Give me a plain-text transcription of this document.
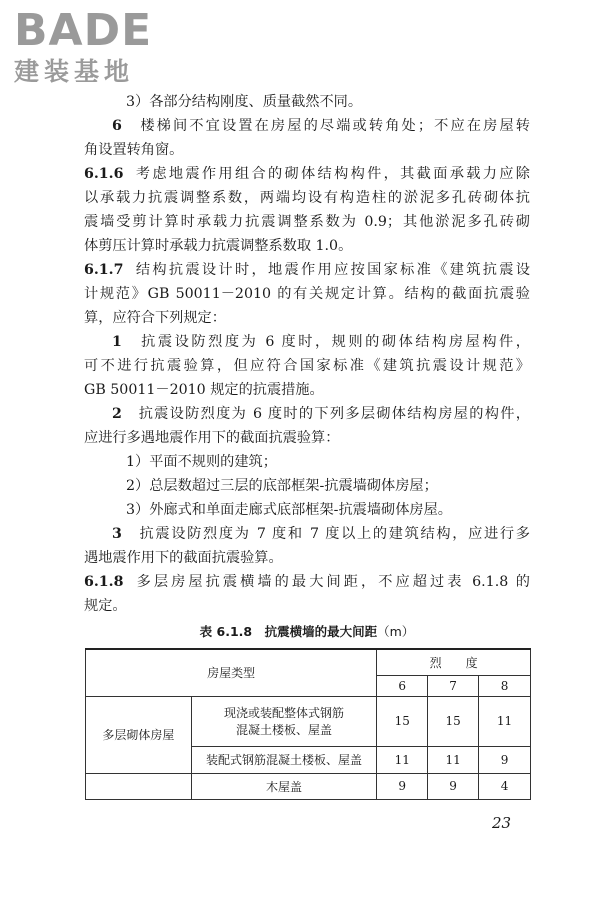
BADE
建装基地
3）各部分结构刚度、质量截然不同。
6　 楼梯间不宜设置在房屋的尽端或转角处；不应在房屋转
角设置转角窗。
6.1.6 考虑地震作用组合的砌体结构构件，其截面承载力应除
以承载力抗震调整系数，两端均设有构造柱的淤泥多孔砖砌体抗
震墙受剪计算时承载力抗震调整系数为 0.9；其他淤泥多孔砖砌
体剪压计算时承载力抗震调整系数取 1.0。
6.1.7 结构抗震设计时，地震作用应按国家标准《建筑抗震设
计规范》GB 50011－2010 的有关规定计算。结构的截面抗震验
算，应符合下列规定：
1　 抗震设防烈度为 6 度时，规则的砌体结构房屋构件，
可不进行抗震验算，但应符合国家标准《建筑抗震设计规范》
GB 50011－2010 规定的抗震措施。
2　 抗震设防烈度为 6 度时的下列多层砌体结构房屋的构件，
应进行多遇地震作用下的截面抗震验算：
1）平面不规则的建筑；
2）总层数超过三层的底部框架-抗震墙砌体房屋；
3）外廊式和单面走廊式底部框架-抗震墙砌体房屋。
3　 抗震设防烈度为 7 度和 7 度以上的建筑结构，应进行多
遇地震作用下的截面抗震验算。
6.1.8 多层房屋抗震横墙的最大间距，不应超过表 6.1.8 的
规定。
表 6.1.8　抗震横墙的最大间距（m）
房屋类型		烈　　度		
		6	7	8
多层砌体房屋	现浇或装配整体式钢筋
混凝土楼板、屋盖	15	15	11
	装配式钢筋混凝土楼板、屋盖	11	11	9
	木屋盖	9	9	4
23
